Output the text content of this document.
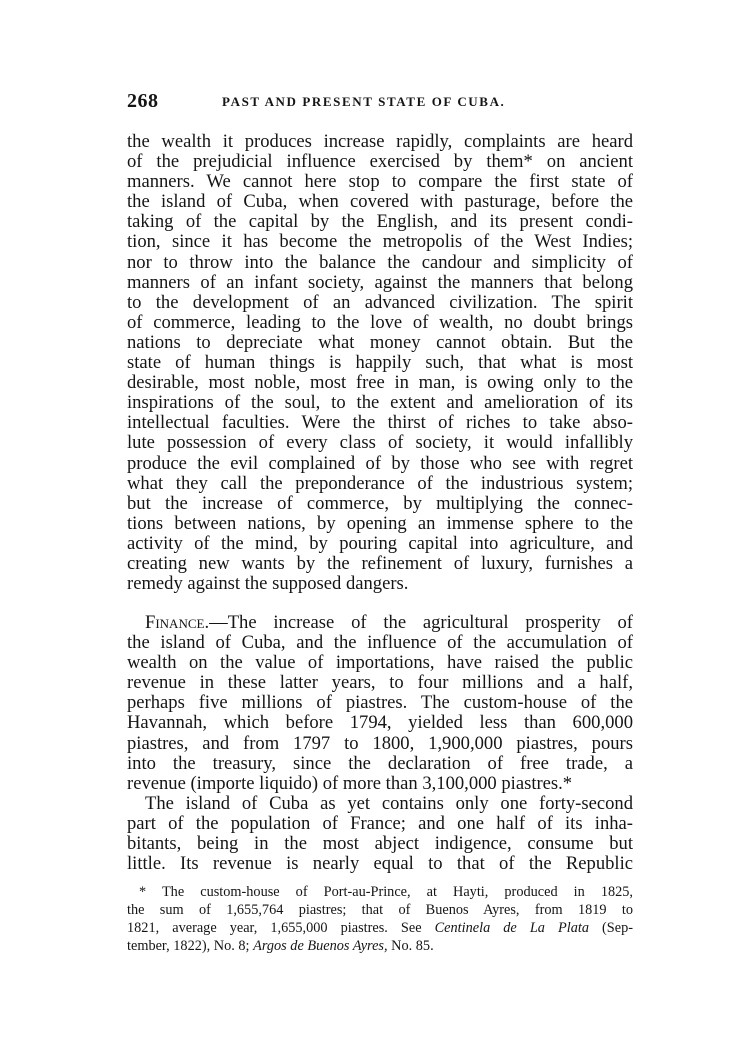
268	PAST AND PRESENT STATE OF CUBA.
the wealth it produces increase rapidly, complaints are heard
of the prejudicial influence exercised by them* on ancient
manners. We cannot here stop to compare the first state of
the island of Cuba, when covered with pasturage, before the
taking of the capital by the English, and its present condi-
tion, since it has become the metropolis of the West Indies;
nor to throw into the balance the candour and simplicity of
manners of an infant society, against the manners that belong
to the development of an advanced civilization. The spirit
of commerce, leading to the love of wealth, no doubt brings
nations to depreciate what money cannot obtain. But the
state of human things is happily such, that what is most
desirable, most noble, most free in man, is owing only to the
inspirations of the soul, to the extent and amelioration of its
intellectual faculties. Were the thirst of riches to take abso-
lute possession of every class of society, it would infallibly
produce the evil complained of by those who see with regret
what they call the preponderance of the industrious system;
but the increase of commerce, by multiplying the connec-
tions between nations, by opening an immense sphere to the
activity of the mind, by pouring capital into agriculture, and
creating new wants by the refinement of luxury, furnishes a
remedy against the supposed dangers.
Finance.—The increase of the agricultural prosperity of
the island of Cuba, and the influence of the accumulation of
wealth on the value of importations, have raised the public
revenue in these latter years, to four millions and a half,
perhaps five millions of piastres. The custom-house of the
Havannah, which before 1794, yielded less than 600,000
piastres, and from 1797 to 1800, 1,900,000 piastres, pours
into the treasury, since the declaration of free trade, a
revenue (importe liquido) of more than 3,100,000 piastres.*
The island of Cuba as yet contains only one forty-second
part of the population of France; and one half of its inha-
bitants, being in the most abject indigence, consume but
little. Its revenue is nearly equal to that of the Republic
* The custom-house of Port-au-Prince, at Hayti, produced in 1825,
the sum of 1,655,764 piastres; that of Buenos Ayres, from 1819 to
1821, average year, 1,655,000 piastres. See Centinela de La Plata (Sep-
tember, 1822), No. 8; Argos de Buenos Ayres, No. 85.
